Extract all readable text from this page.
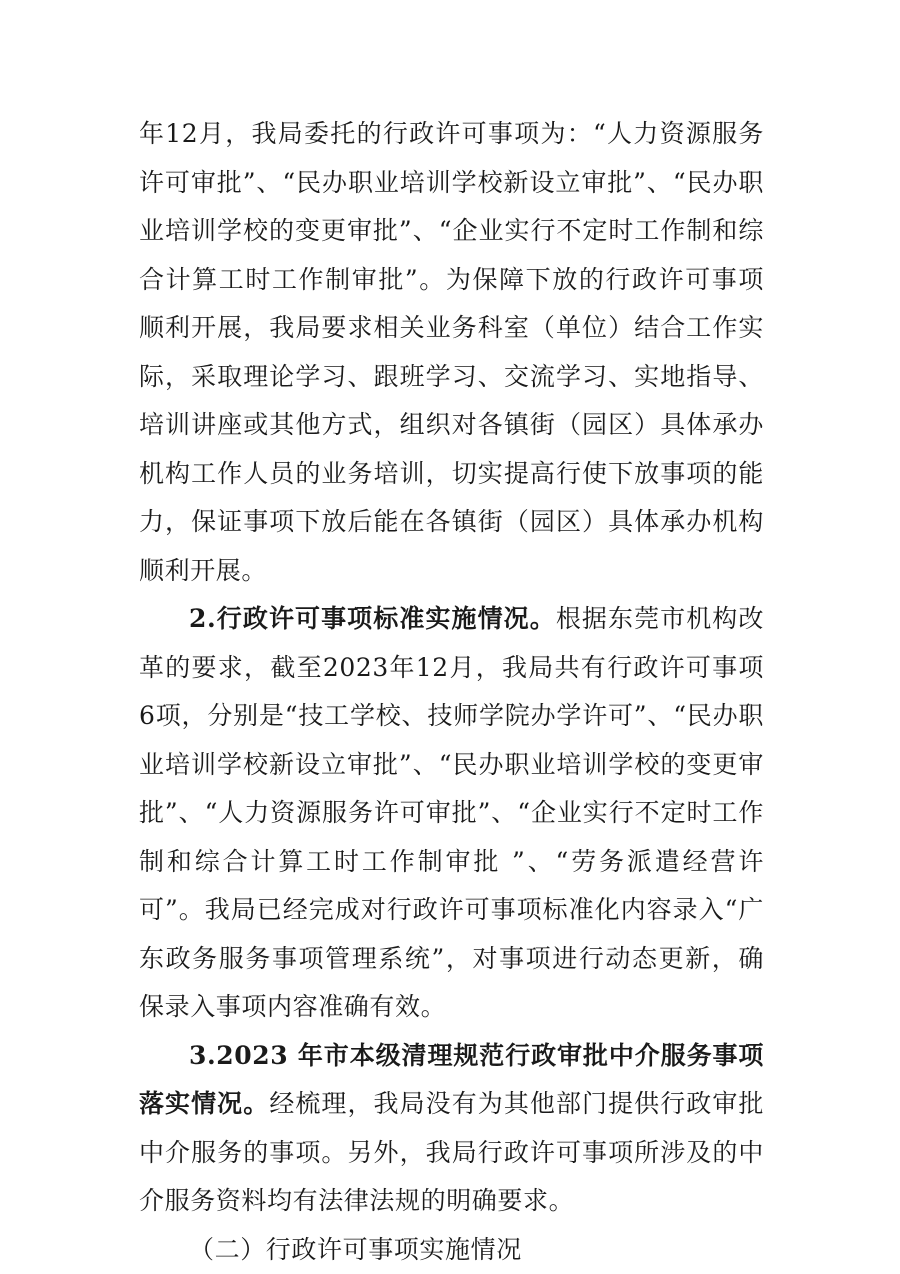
年12月，我局委托的行政许可事项为：“人力资源服务许可审批”、“民办职业培训学校新设立审批”、“民办职业培训学校的变更审批”、“企业实行不定时工作制和综合计算工时工作制审批”。为保障下放的行政许可事项顺利开展，我局要求相关业务科室（单位）结合工作实际，采取理论学习、跟班学习、交流学习、实地指导、培训讲座或其他方式，组织对各镇街（园区）具体承办机构工作人员的业务培训，切实提高行使下放事项的能力，保证事项下放后能在各镇街（园区）具体承办机构顺利开展。

2.行政许可事项标准实施情况。根据东莞市机构改革的要求，截至2023年12月，我局共有行政许可事项6项，分别是“技工学校、技师学院办学许可”、“民办职业培训学校新设立审批”、“民办职业培训学校的变更审批”、“人力资源服务许可审批”、“企业实行不定时工作制和综合计算工时工作制审批 ”、“劳务派遣经营许可”。我局已经完成对行政许可事项标准化内容录入“广东政务服务事项管理系统”，对事项进行动态更新，确保录入事项内容准确有效。

3.2023 年市本级清理规范行政审批中介服务事项落实情况。经梳理，我局没有为其他部门提供行政审批中介服务的事项。另外，我局行政许可事项所涉及的中介服务资料均有法律法规的明确要求。

（二）行政许可事项实施情况
